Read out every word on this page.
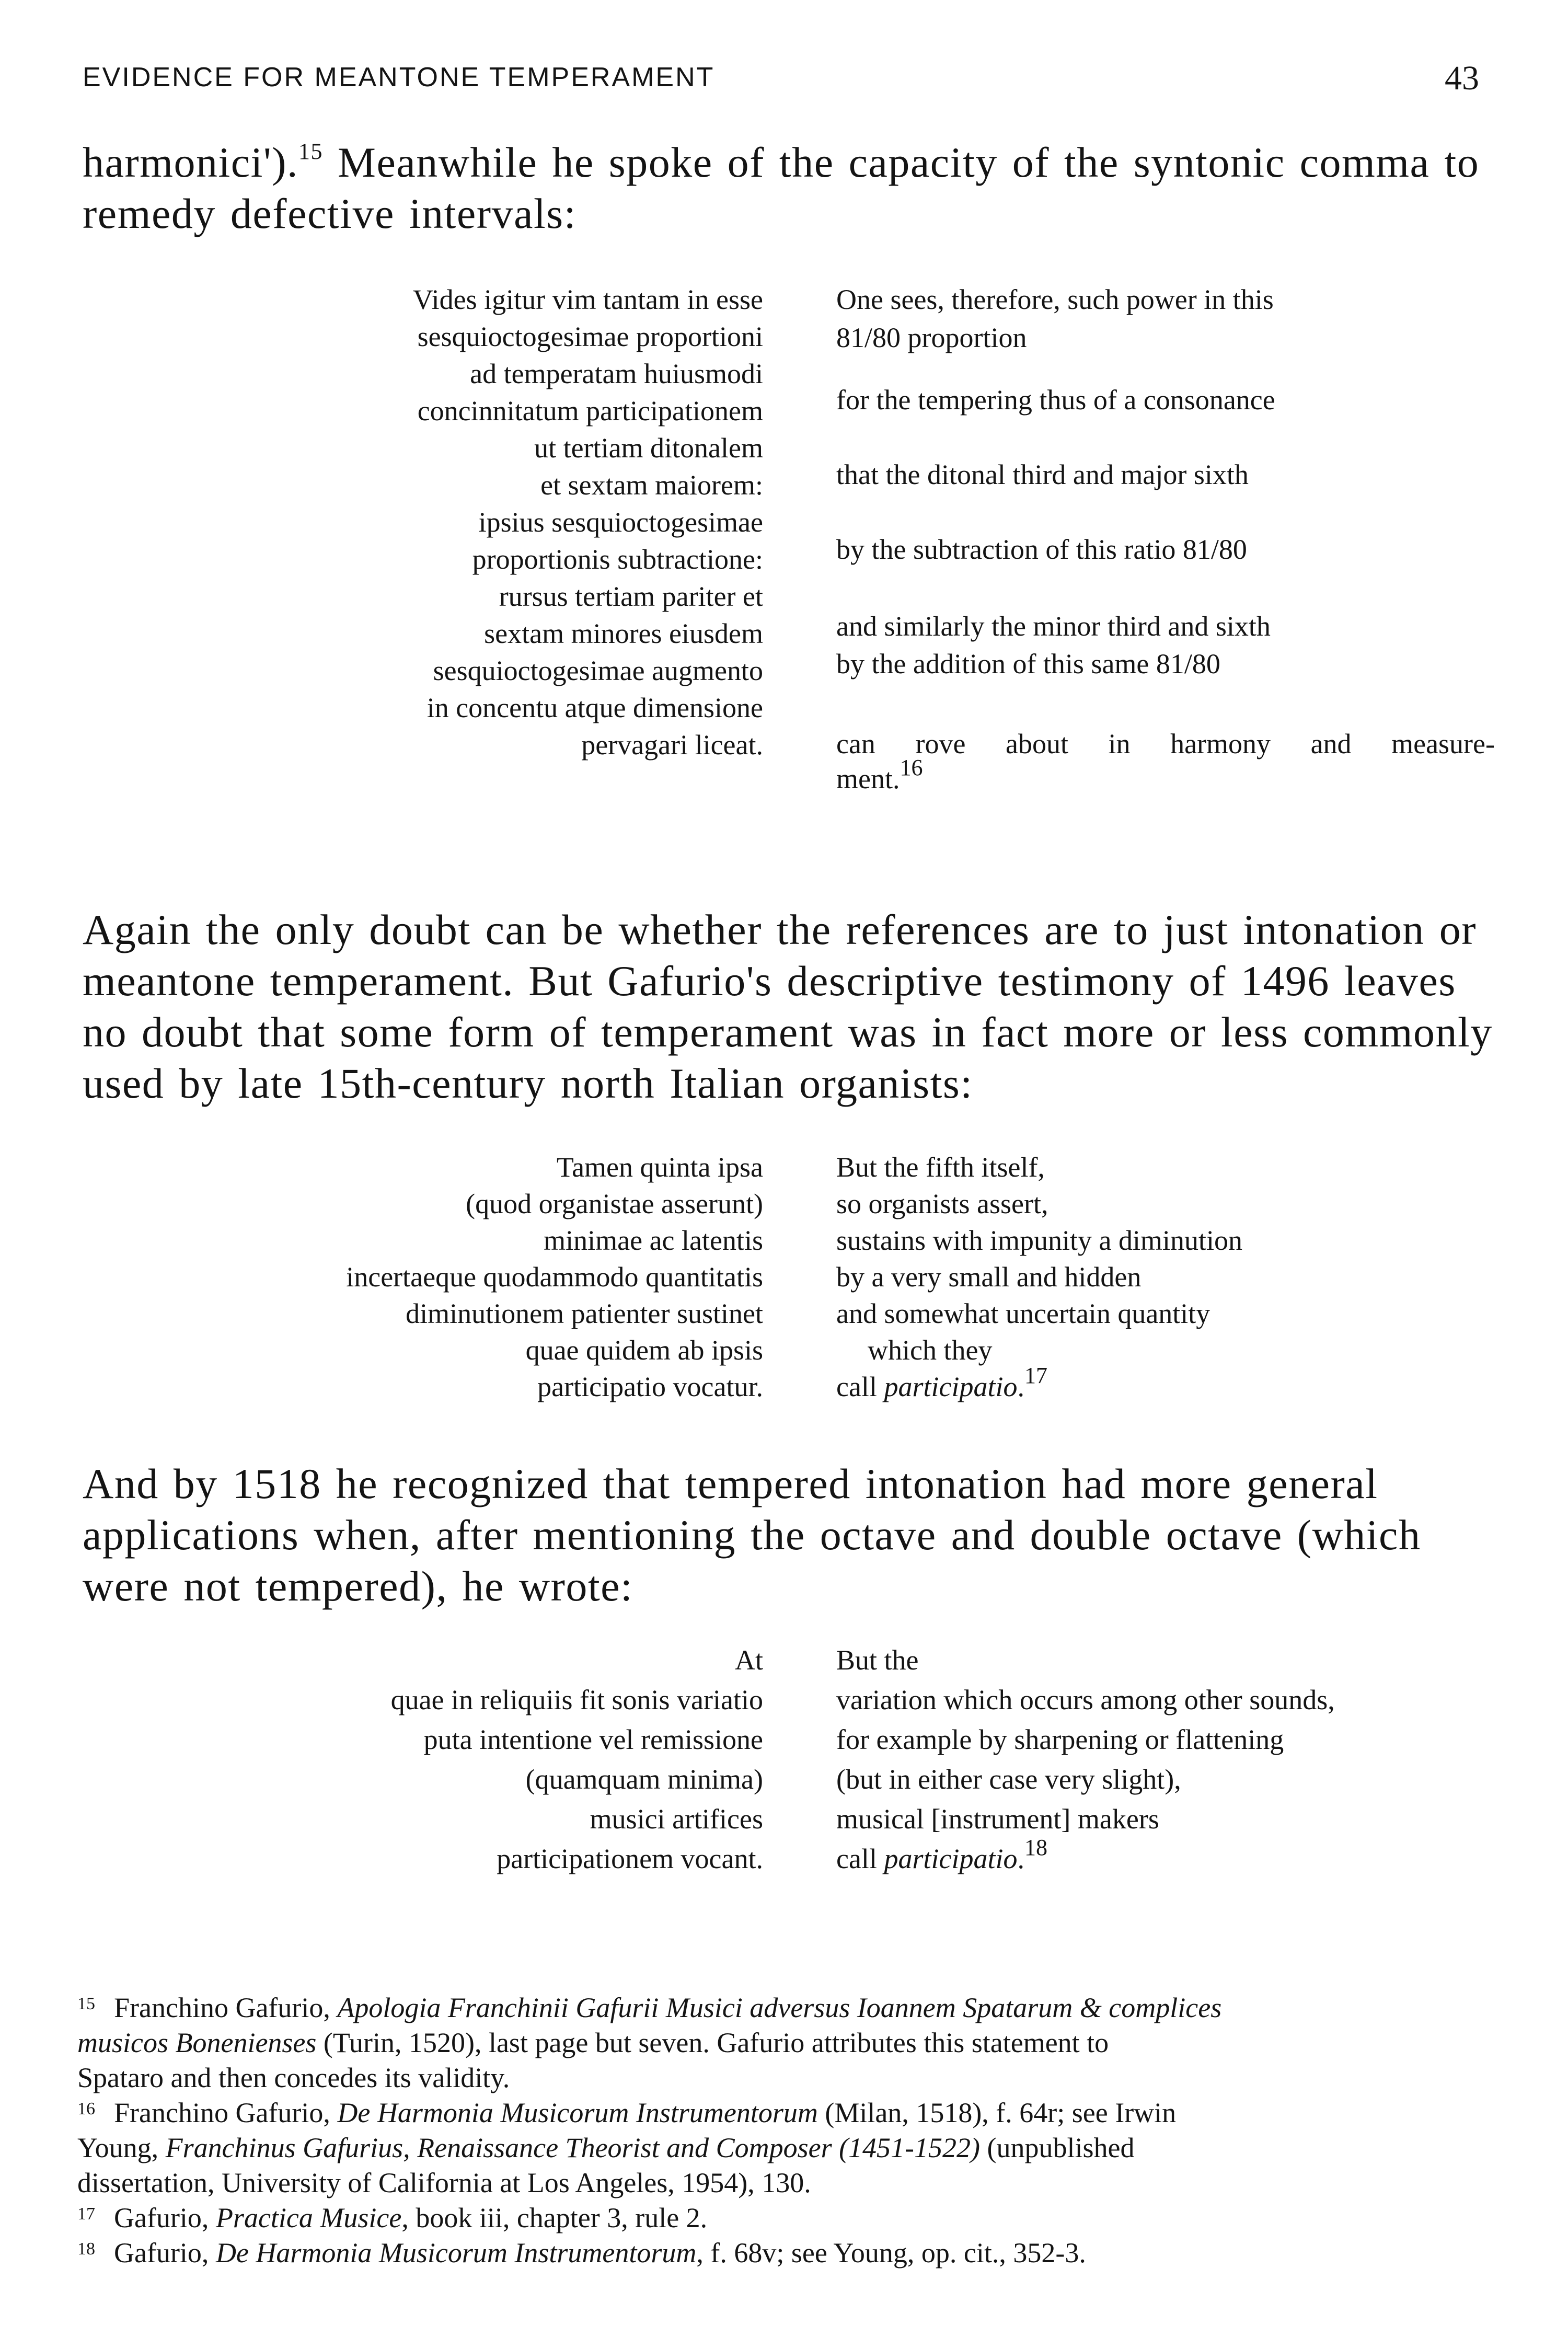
EVIDENCE FOR MEANTONE TEMPERAMENT	43
harmonici').$^{15}$ Meanwhile he spoke of the capacity of the syntonic comma to
remedy defective intervals:
Vides igitur vim tantam in esse
sesquioctogesimae proportioni
ad temperatam huiusmodi
concinnitatum participationem
ut tertiam ditonalem
et sextam maiorem:
ipsius sesquioctogesimae
proportionis subtractione:
rursus tertiam pariter et
sextam minores eiusdem
sesquioctogesimae augmento
in concentu atque dimensione
pervagari liceat.
One sees, therefore, such power in this
81/80 proportion
for the tempering thus of a consonance
that the ditonal third and major sixth
by the subtraction of this ratio 81/80
and similarly the minor third and sixth
by the addition of this same 81/80
can rove about in harmony and measure-
ment.$^{16}$
Again the only doubt can be whether the references are to just intonation or
meantone temperament. But Gafurio's descriptive testimony of 1496 leaves
no doubt that some form of temperament was in fact more or less commonly
used by late 15th-century north Italian organists:
Tamen quinta ipsa
(quod organistae asserunt)
minimae ac latentis
incertaeque quodammodo quantitatis
diminutionem patienter sustinet
quae quidem ab ipsis
participatio vocatur.
But the fifth itself,
so organists assert,
sustains with impunity a diminution
by a very small and hidden
and somewhat uncertain quantity
which they
call participatio.$^{17}$
And by 1518 he recognized that tempered intonation had more general
applications when, after mentioning the octave and double octave (which
were not tempered), he wrote:
At
quae in reliquiis fit sonis variatio
puta intentione vel remissione
(quamquam minima)
musici artifices
participationem vocant.
But the
variation which occurs among other sounds,
for example by sharpening or flattening
(but in either case very slight),
musical [instrument] makers
call participatio.$^{18}$
15 Franchino Gafurio, Apologia Franchinii Gafurii Musici adversus Ioannem Spatarum & complices
musicos Bonenienses (Turin, 1520), last page but seven. Gafurio attributes this statement to
Spataro and then concedes its validity.
16 Franchino Gafurio, De Harmonia Musicorum Instrumentorum (Milan, 1518), f. 64r; see Irwin
Young, Franchinus Gafurius, Renaissance Theorist and Composer (1451-1522) (unpublished
dissertation, University of California at Los Angeles, 1954), 130.
17 Gafurio, Practica Musice, book iii, chapter 3, rule 2.
18 Gafurio, De Harmonia Musicorum Instrumentorum, f. 68v; see Young, op. cit., 352-3.
